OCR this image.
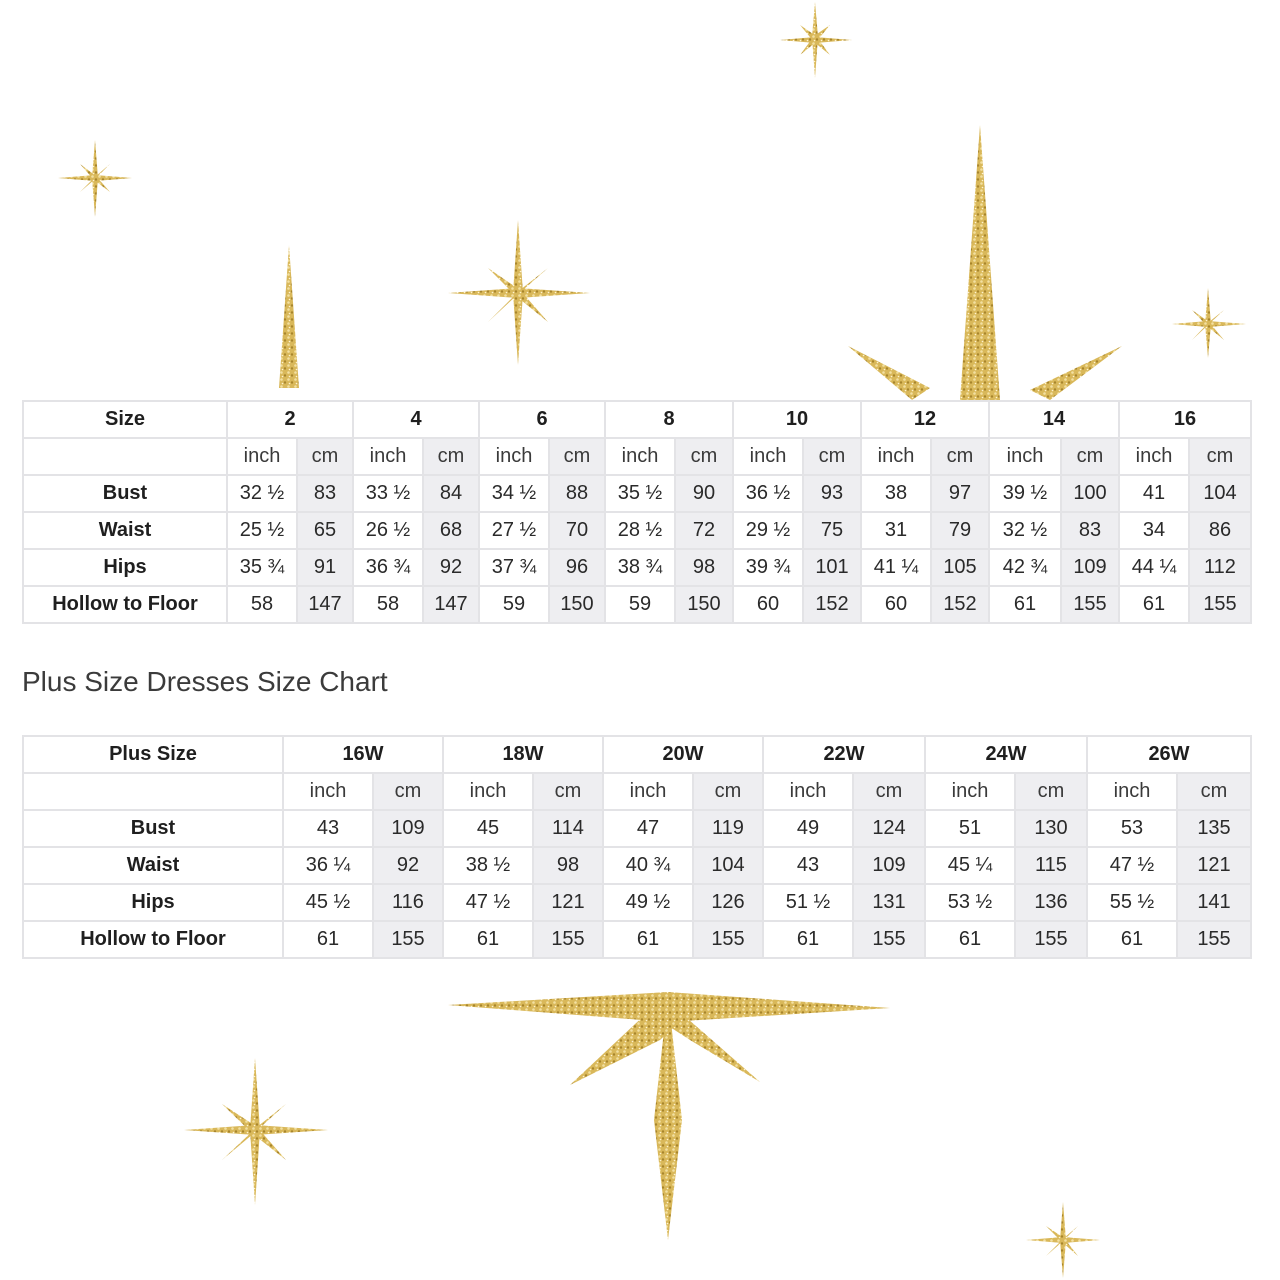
Size	2		4		6		8		10		12		14		16	
	inch	cm	inch	cm	inch	cm	inch	cm	inch	cm	inch	cm	inch	cm	inch	cm
Bust	32 ½	83	33 ½	84	34 ½	88	35 ½	90	36 ½	93	38	97	39 ½	100	41	104
Waist	25 ½	65	26 ½	68	27 ½	70	28 ½	72	29 ½	75	31	79	32 ½	83	34	86
Hips	35 ¾	91	36 ¾	92	37 ¾	96	38 ¾	98	39 ¾	101	41 ¼	105	42 ¾	109	44 ¼	112
Hollow to Floor	58	147	58	147	59	150	59	150	60	152	60	152	61	155	61	155
Plus Size Dresses Size Chart
Plus Size	16W		18W		20W		22W		24W		26W	
	inch	cm	inch	cm	inch	cm	inch	cm	inch	cm	inch	cm
Bust	43	109	45	114	47	119	49	124	51	130	53	135
Waist	36 ¼	92	38 ½	98	40 ¾	104	43	109	45 ¼	115	47 ½	121
Hips	45 ½	116	47 ½	121	49 ½	126	51 ½	131	53 ½	136	55 ½	141
Hollow to Floor	61	155	61	155	61	155	61	155	61	155	61	155
